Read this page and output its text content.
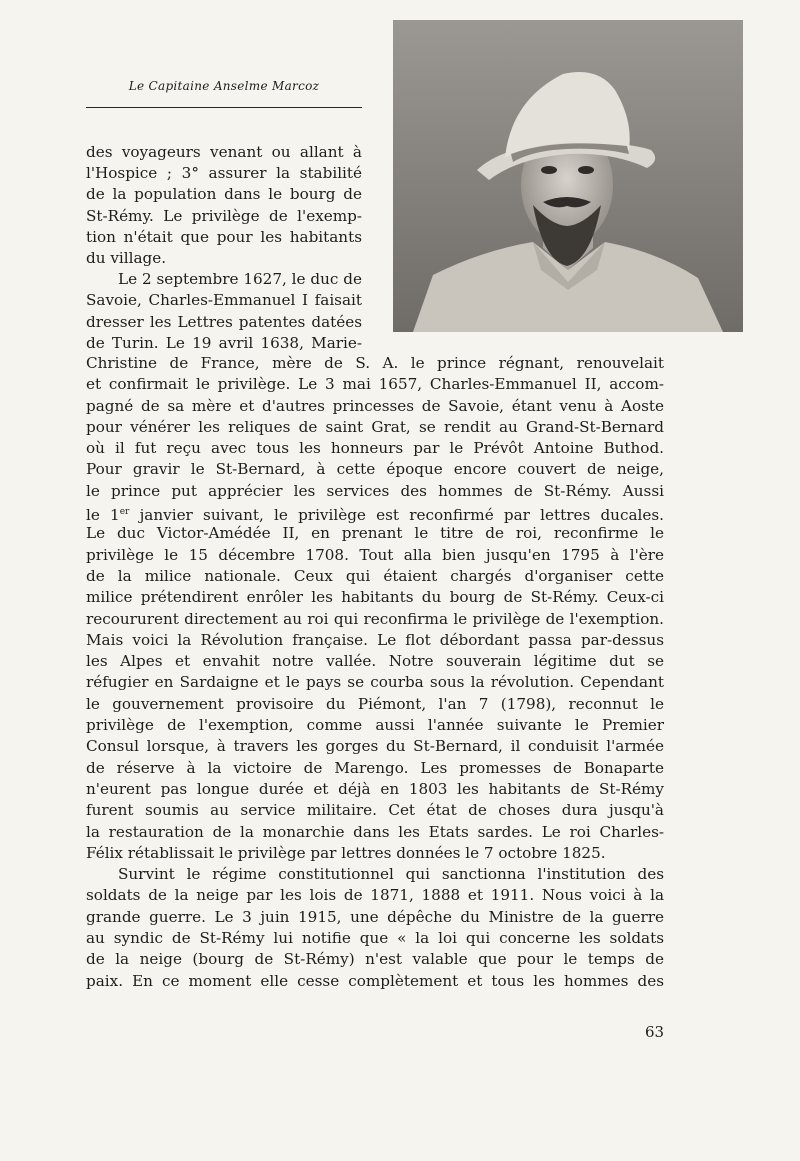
Le Capitaine Anselme Marcoz
des voyageurs venant ou allant à
l'Hospice ; 3° assurer la stabilité
de la population dans le bourg de
St-Rémy. Le privilège de l'exemp-
tion n'était que pour les habitants
du village.
Le 2 septembre 1627, le duc de
Savoie, Charles-Emmanuel I faisait
dresser les Lettres patentes datées
de Turin. Le 19 avril 1638, Marie-
Christine de France, mère de S. A. le prince régnant, renouvelait
et confirmait le privilège. Le 3 mai 1657, Charles-Emmanuel II, accom-
pagné de sa mère et d'autres princesses de Savoie, étant venu à Aoste
pour vénérer les reliques de saint Grat, se rendit au Grand-St-Bernard
où il fut reçu avec tous les honneurs par le Prévôt Antoine Buthod.
Pour gravir le St-Bernard, à cette époque encore couvert de neige,
le prince put apprécier les services des hommes de St-Rémy. Aussi
le 1er janvier suivant, le privilège est reconfirmé par lettres ducales.
Le duc Victor-Amédée II, en prenant le titre de roi, reconfirme le
privilège le 15 décembre 1708. Tout alla bien jusqu'en 1795 à l'ère
de la milice nationale. Ceux qui étaient chargés d'organiser cette
milice prétendirent enrôler les habitants du bourg de St-Rémy. Ceux-ci
recoururent directement au roi qui reconfirma le privilège de l'exemption.
Mais voici la Révolution française. Le flot débordant passa par-dessus
les Alpes et envahit notre vallée. Notre souverain légitime dut se
réfugier en Sardaigne et le pays se courba sous la révolution. Cependant
le gouvernement provisoire du Piémont, l'an 7 (1798), reconnut le
privilège de l'exemption, comme aussi l'année suivante le Premier
Consul lorsque, à travers les gorges du St-Bernard, il conduisit l'armée
de réserve à la victoire de Marengo. Les promesses de Bonaparte
n'eurent pas longue durée et déjà en 1803 les habitants de St-Rémy
furent soumis au service militaire. Cet état de choses dura jusqu'à
la restauration de la monarchie dans les Etats sardes. Le roi Charles-
Félix rétablissait le privilège par lettres données le 7 octobre 1825.
Survint le régime constitutionnel qui sanctionna l'institution des
soldats de la neige par les lois de 1871, 1888 et 1911. Nous voici à la
grande guerre. Le 3 juin 1915, une dépêche du Ministre de la guerre
au syndic de St-Rémy lui notifie que « la loi qui concerne les soldats
de la neige (bourg de St-Rémy) n'est valable que pour le temps de
paix. En ce moment elle cesse complètement et tous les hommes des
63
